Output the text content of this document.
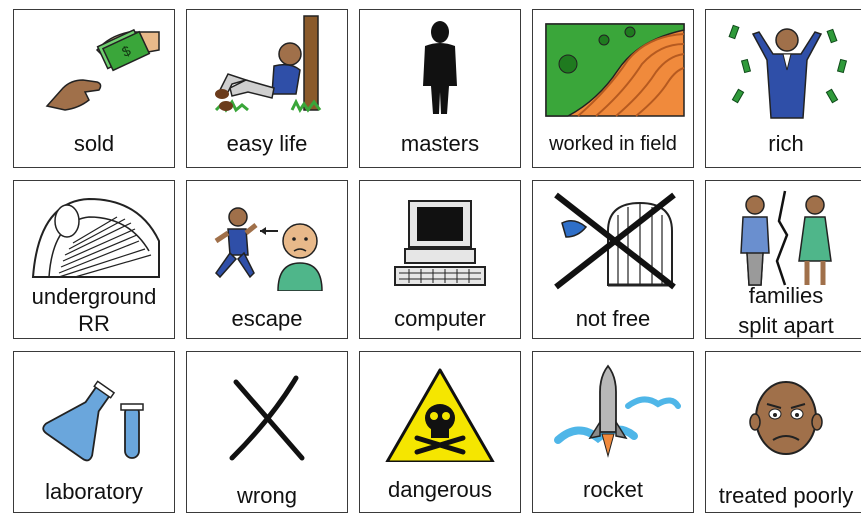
$
sold	easy life	masters	worked in field	rich
underground
RR	escape	computer	not free
families
split apart
laboratory	wrong	dangerous	rocket	treated poorly
